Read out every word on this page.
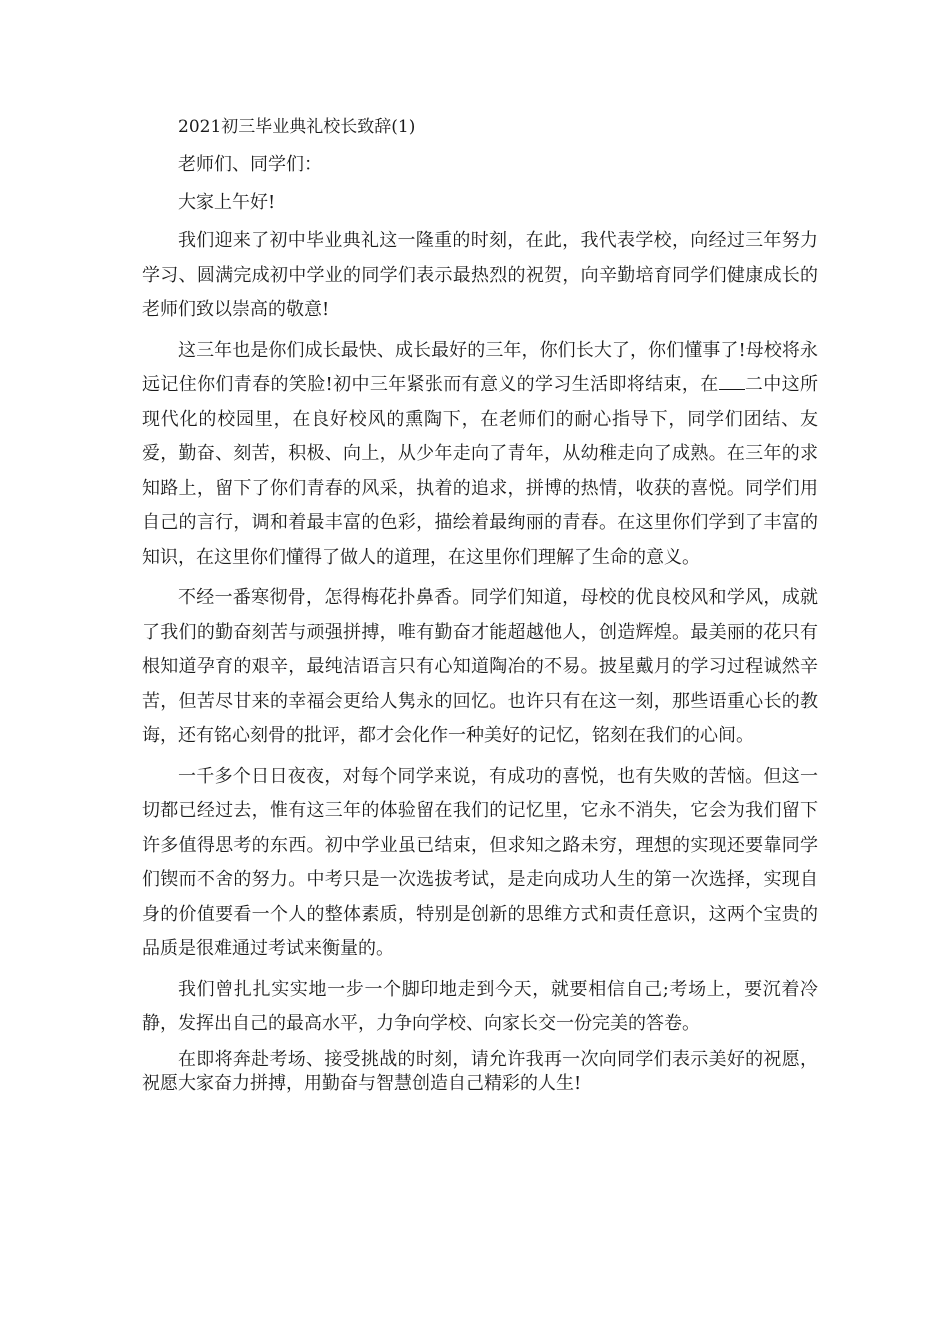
2021初三毕业典礼校长致辞(1)
老师们、同学们：
大家上午好!

我们迎来了初中毕业典礼这一隆重的时刻，在此，我代表学校，向经过三年努力学习、圆满完成初中学业的同学们表示最热烈的祝贺，向辛勤培育同学们健康成长的老师们致以崇高的敬意!

这三年也是你们成长最快、成长最好的三年，你们长大了，你们懂事了!母校将永远记住你们青春的笑脸!初中三年紧张而有意义的学习生活即将结束，在 二中这所现代化的校园里，在良好校风的熏陶下，在老师们的耐心指导下，同学们团结、友爱，勤奋、刻苦，积极、向上，从少年走向了青年，从幼稚走向了成熟。在三年的求知路上，留下了你们青春的风采，执着的追求，拼博的热情，收获的喜悦。同学们用自己的言行，调和着最丰富的色彩，描绘着最绚丽的青春。在这里你们学到了丰富的知识，在这里你们懂得了做人的道理，在这里你们理解了生命的意义。

不经一番寒彻骨，怎得梅花扑鼻香。同学们知道，母校的优良校风和学风，成就了我们的勤奋刻苦与顽强拼搏，唯有勤奋才能超越他人，创造辉煌。最美丽的花只有根知道孕育的艰辛，最纯洁语言只有心知道陶冶的不易。披星戴月的学习过程诚然辛苦，但苦尽甘来的幸福会更给人隽永的回忆。也许只有在这一刻，那些语重心长的教诲，还有铭心刻骨的批评，都才会化作一种美好的记忆，铭刻在我们的心间。

一千多个日日夜夜，对每个同学来说，有成功的喜悦，也有失败的苦恼。但这一切都已经过去，惟有这三年的体验留在我们的记忆里，它永不消失，它会为我们留下许多值得思考的东西。初中学业虽已结束，但求知之路未穷，理想的实现还要靠同学们锲而不舍的努力。中考只是一次选拔考试，是走向成功人生的第一次选择，实现自身的价值要看一个人的整体素质，特别是创新的思维方式和责任意识，这两个宝贵的品质是很难通过考试来衡量的。

我们曾扎扎实实地一步一个脚印地走到今天，就要相信自己;考场上，要沉着冷静，发挥出自己的最高水平，力争向学校、向家长交一份完美的答卷。

在即将奔赴考场、接受挑战的时刻，请允许我再一次向同学们表示美好的祝愿，祝愿大家奋力拼搏，用勤奋与智慧创造自己精彩的人生!
